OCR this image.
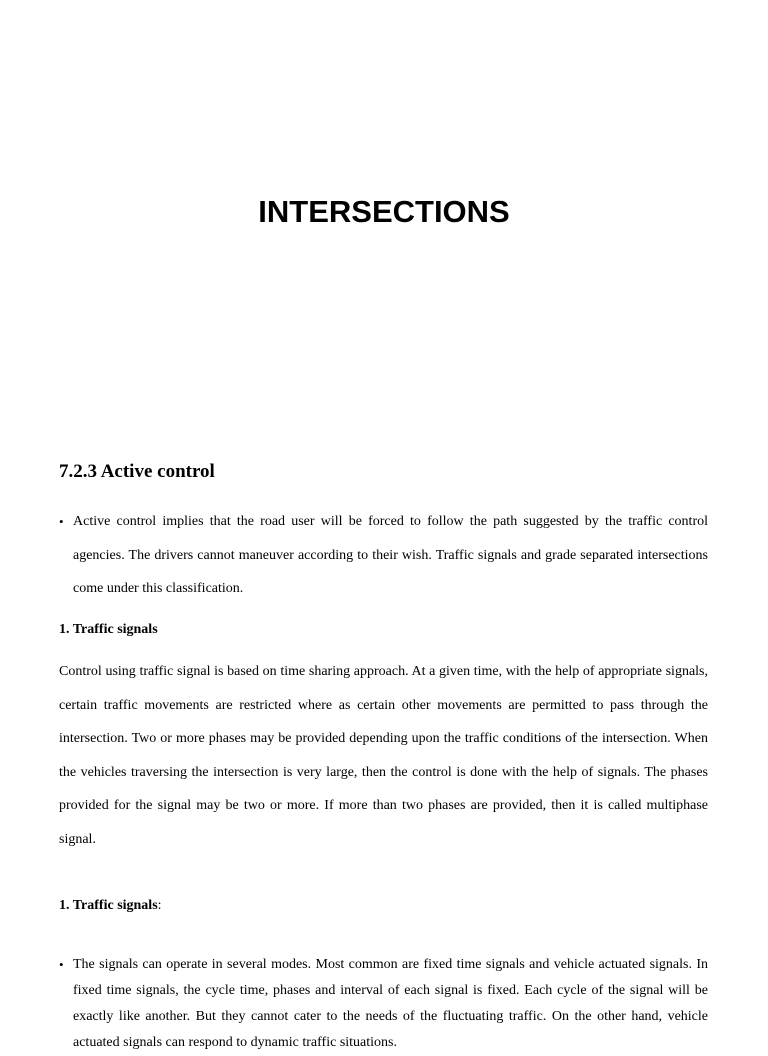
INTERSECTIONS
7.2.3 Active control
• Active control implies that the road user will be forced to follow the path suggested by the traffic control agencies. The drivers cannot maneuver according to their wish. Traffic signals and grade separated intersections come under this classification.
1. Traffic signals

Control using traffic signal is based on time sharing approach. At a given time, with the help of appropriate signals, certain traffic movements are restricted where as certain other movements are permitted to pass through the intersection. Two or more phases may be provided depending upon the traffic conditions of the intersection. When the vehicles traversing the intersection is very large, then the control is done with the help of signals. The phases provided for the signal may be two or more. If more than two phases are provided, then it is called multiphase signal.

1. Traffic signals:
• The signals can operate in several modes. Most common are fixed time signals and vehicle actuated signals. In fixed time signals, the cycle time, phases and interval of each signal is fixed. Each cycle of the signal will be exactly like another. But they cannot cater to the needs of the fluctuating traffic. On the other hand, vehicle actuated signals can respond to dynamic traffic situations.
